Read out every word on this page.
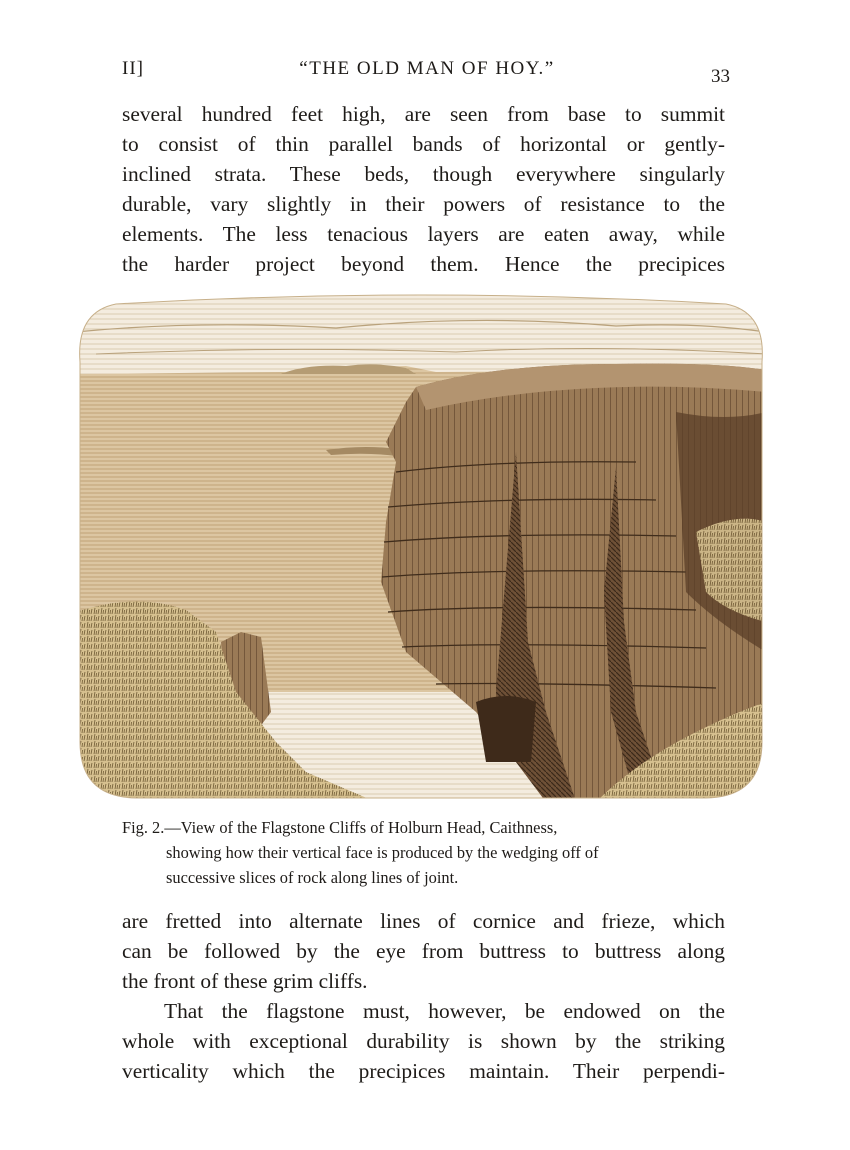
II]	“THE OLD MAN OF HOY.”	33

several hundred feet high, are seen from base to summit
to consist of thin parallel bands of horizontal or gently-
inclined strata. These beds, though everywhere singularly
durable, vary slightly in their powers of resistance to the
elements. The less tenacious layers are eaten away, while
the harder project beyond them. Hence the precipices

Fig. 2.—View of the Flagstone Cliffs of Holburn Head, Caithness,
showing how their vertical face is produced by the wedging off of
successive slices of rock along lines of joint.

are fretted into alternate lines of cornice and frieze, which
can be followed by the eye from buttress to buttress along
the front of these grim cliffs.

That the flagstone must, however, be endowed on the
whole with exceptional durability is shown by the striking
verticality which the precipices maintain. Their perpendi-
